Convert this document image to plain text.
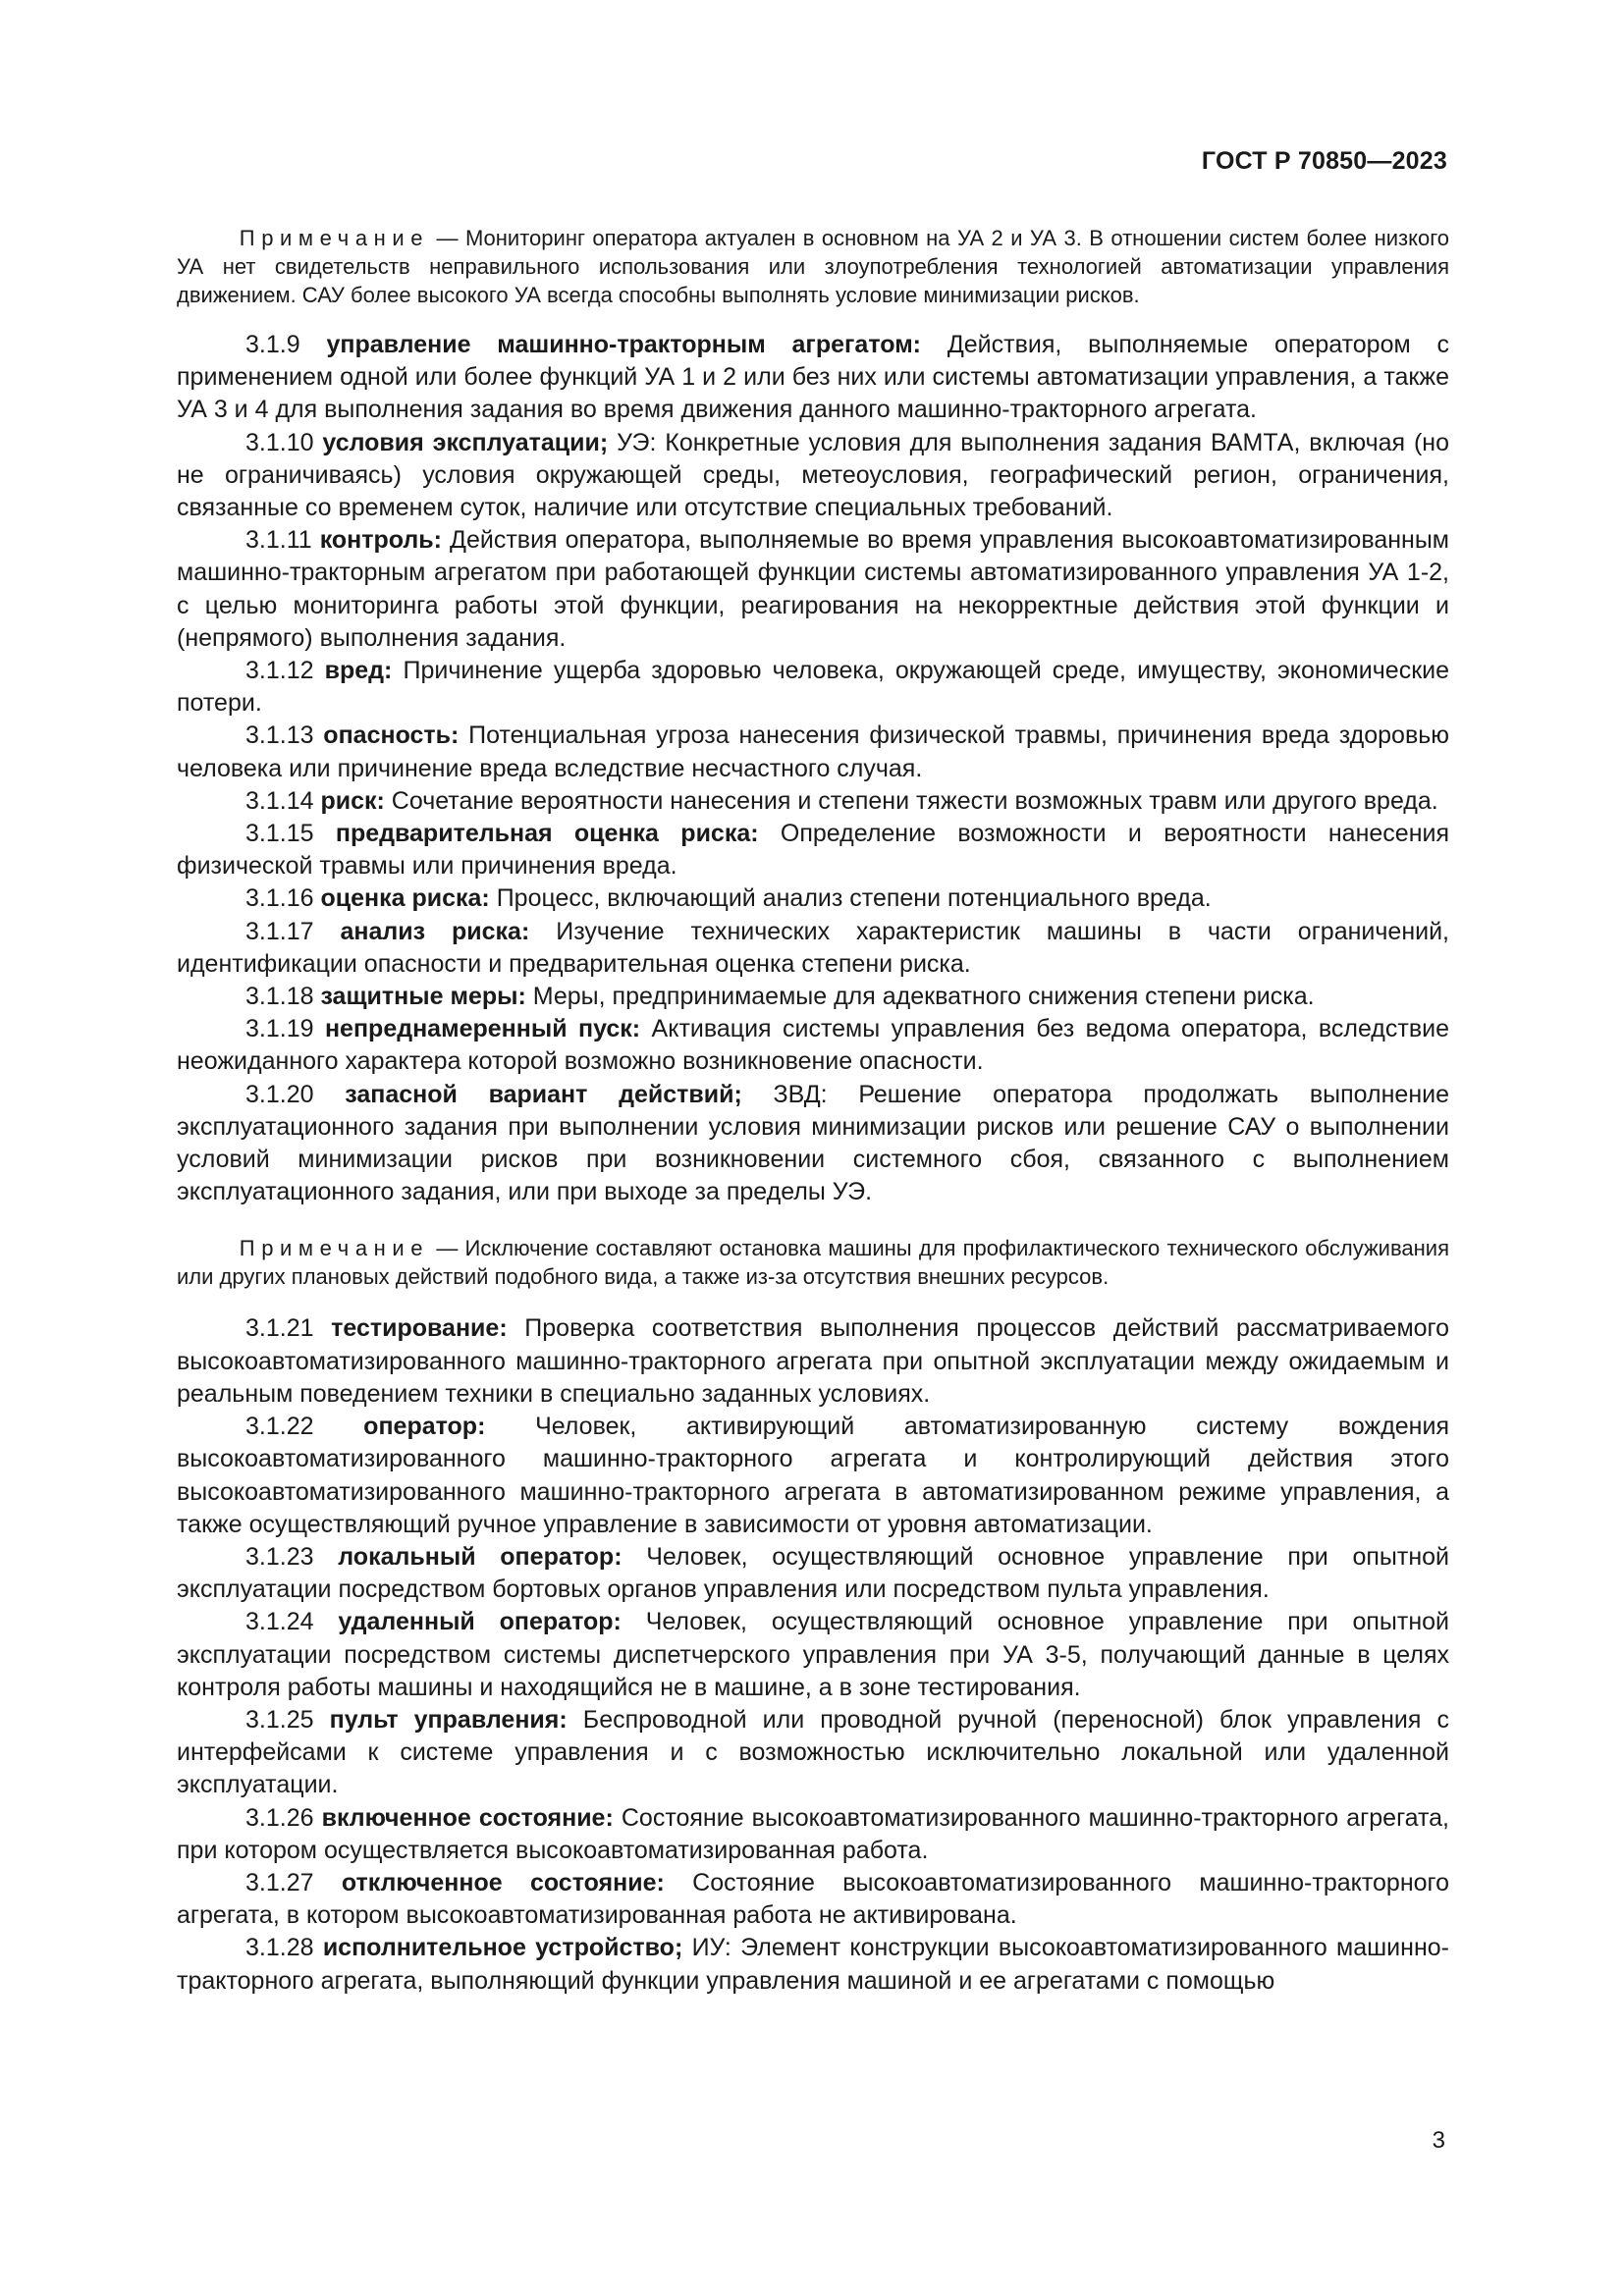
ГОСТ Р 70850—2023

Примечание — Мониторинг оператора актуален в основном на УА 2 и УА 3. В отношении систем более низкого УА нет свидетельств неправильного использования или злоупотребления технологией автоматизации управления движением. САУ более высокого УА всегда способны выполнять условие минимизации рисков.

3.1.9 управление машинно-тракторным агрегатом: Действия, выполняемые оператором с применением одной или более функций УА 1 и 2 или без них или системы автоматизации управления, а также УА 3 и 4 для выполнения задания во время движения данного машинно-тракторного агрегата.

3.1.10 условия эксплуатации; УЭ: Конкретные условия для выполнения задания ВАМТА, включая (но не ограничиваясь) условия окружающей среды, метеоусловия, географический регион, ограничения, связанные со временем суток, наличие или отсутствие специальных требований.

3.1.11 контроль: Действия оператора, выполняемые во время управления высокоавтоматизированным машинно-тракторным агрегатом при работающей функции системы автоматизированного управления УА 1-2, с целью мониторинга работы этой функции, реагирования на некорректные действия этой функции и (непрямого) выполнения задания.

3.1.12 вред: Причинение ущерба здоровью человека, окружающей среде, имуществу, экономические потери.

3.1.13 опасность: Потенциальная угроза нанесения физической травмы, причинения вреда здоровью человека или причинение вреда вследствие несчастного случая.

3.1.14 риск: Сочетание вероятности нанесения и степени тяжести возможных травм или другого вреда.

3.1.15 предварительная оценка риска: Определение возможности и вероятности нанесения физической травмы или причинения вреда.

3.1.16 оценка риска: Процесс, включающий анализ степени потенциального вреда.

3.1.17 анализ риска: Изучение технических характеристик машины в части ограничений, идентификации опасности и предварительная оценка степени риска.

3.1.18 защитные меры: Меры, предпринимаемые для адекватного снижения степени риска.

3.1.19 непреднамеренный пуск: Активация системы управления без ведома оператора, вследствие неожиданного характера которой возможно возникновение опасности.

3.1.20 запасной вариант действий; ЗВД: Решение оператора продолжать выполнение эксплуатационного задания при выполнении условия минимизации рисков или решение САУ о выполнении условий минимизации рисков при возникновении системного сбоя, связанного с выполнением эксплуатационного задания, или при выходе за пределы УЭ.

Примечание — Исключение составляют остановка машины для профилактического технического обслуживания или других плановых действий подобного вида, а также из-за отсутствия внешних ресурсов.

3.1.21 тестирование: Проверка соответствия выполнения процессов действий рассматриваемого высокоавтоматизированного машинно-тракторного агрегата при опытной эксплуатации между ожидаемым и реальным поведением техники в специально заданных условиях.

3.1.22 оператор: Человек, активирующий автоматизированную систему вождения высокоавтоматизированного машинно-тракторного агрегата и контролирующий действия этого высокоавтоматизированного машинно-тракторного агрегата в автоматизированном режиме управления, а также осуществляющий ручное управление в зависимости от уровня автоматизации.

3.1.23 локальный оператор: Человек, осуществляющий основное управление при опытной эксплуатации посредством бортовых органов управления или посредством пульта управления.

3.1.24 удаленный оператор: Человек, осуществляющий основное управление при опытной эксплуатации посредством системы диспетчерского управления при УА 3-5, получающий данные в целях контроля работы машины и находящийся не в машине, а в зоне тестирования.

3.1.25 пульт управления: Беспроводной или проводной ручной (переносной) блок управления с интерфейсами к системе управления и с возможностью исключительно локальной или удаленной эксплуатации.

3.1.26 включенное состояние: Состояние высокоавтоматизированного машинно-тракторного агрегата, при котором осуществляется высокоавтоматизированная работа.

3.1.27 отключенное состояние: Состояние высокоавтоматизированного машинно-тракторного агрегата, в котором высокоавтоматизированная работа не активирована.

3.1.28 исполнительное устройство; ИУ: Элемент конструкции высокоавтоматизированного машинно-тракторного агрегата, выполняющий функции управления машиной и ее агрегатами с помощью

3
